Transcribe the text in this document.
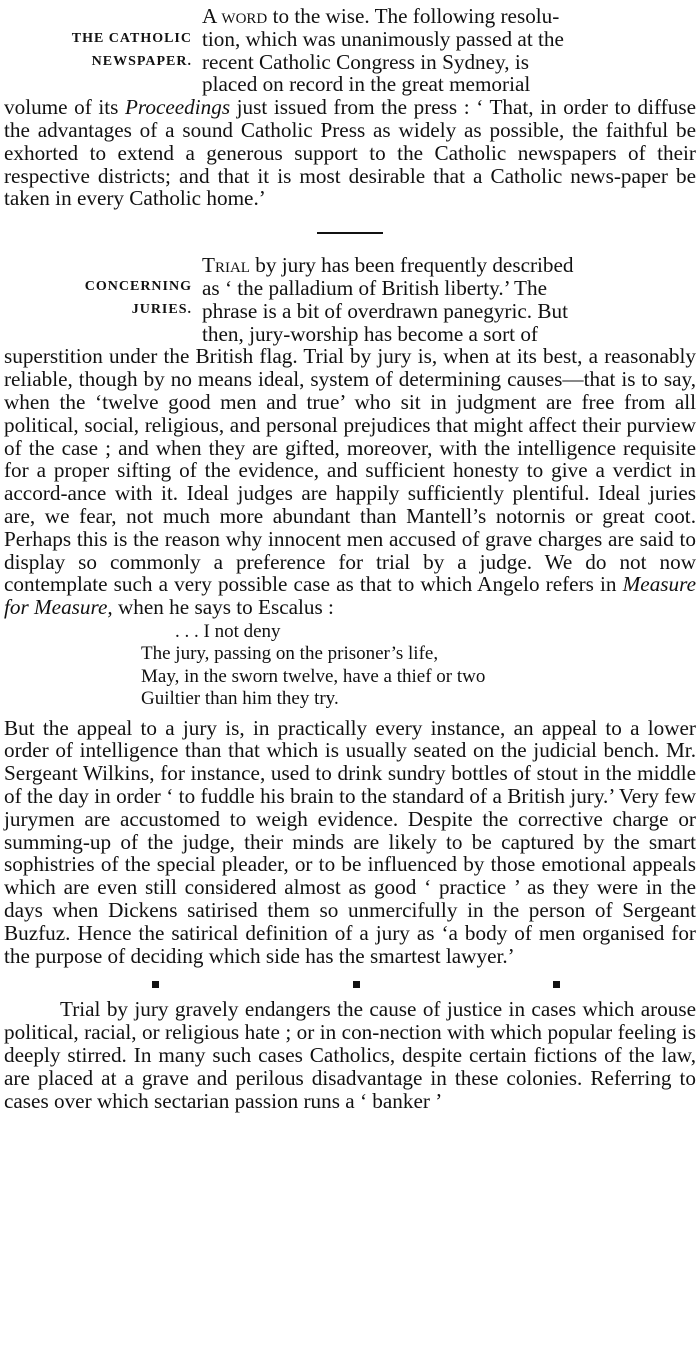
THE CATHOLIC
NEWSPAPER.

A word to the wise. The following resolu-
tion, which was unanimously passed at the
recent Catholic Congress in Sydney, is
placed on record in the great memorial

volume of its Proceedings just issued from the press : ‘ That, in order to diffuse the advantages of a sound Catholic Press as widely as possible, the faithful be exhorted to extend a generous support to the Catholic newspapers of their respective districts; and that it is most desirable that a Catholic news-paper be taken in every Catholic home.’

CONCERNING
JURIES.

Trial by jury has been frequently described
as ‘ the palladium of British liberty.’ The
phrase is a bit of overdrawn panegyric. But
then, jury-worship has become a sort of

superstition under the British flag. Trial by jury is, when at its best, a reasonably reliable, though by no means ideal, system of determining causes—that is to say, when the ‘twelve good men and true’ who sit in judgment are free from all political, social, religious, and personal prejudices that might affect their purview of the case ; and when they are gifted, moreover, with the intelligence requisite for a proper sifting of the evidence, and sufficient honesty to give a verdict in accord-ance with it. Ideal judges are happily sufficiently plentiful. Ideal juries are, we fear, not much more abundant than Mantell’s notornis or great coot. Perhaps this is the reason why innocent men accused of grave charges are said to display so commonly a preference for trial by a judge. We do not now contemplate such a very possible case as that to which Angelo refers in Measure for Measure, when he says to Escalus :

. . . I not deny
The jury, passing on the prisoner’s life,
May, in the sworn twelve, have a thief or two
Guiltier than him they try.

But the appeal to a jury is, in practically every instance, an appeal to a lower order of intelligence than that which is usually seated on the judicial bench. Mr. Sergeant Wilkins, for instance, used to drink sundry bottles of stout in the middle of the day in order ‘ to fuddle his brain to the standard of a British jury.’ Very few jurymen are accustomed to weigh evidence. Despite the corrective charge or summing-up of the judge, their minds are likely to be captured by the smart sophistries of the special pleader, or to be influenced by those emotional appeals which are even still considered almost as good ‘ practice ’ as they were in the days when Dickens satirised them so unmercifully in the person of Sergeant Buzfuz. Hence the satirical definition of a jury as ‘a body of men organised for the purpose of deciding which side has the smartest lawyer.’

Trial by jury gravely endangers the cause of justice in cases which arouse political, racial, or religious hate ; or in con-nection with which popular feeling is deeply stirred. In many such cases Catholics, despite certain fictions of the law, are placed at a grave and perilous disadvantage in these colonies. Referring to cases over which sectarian passion runs a ‘ banker ’
